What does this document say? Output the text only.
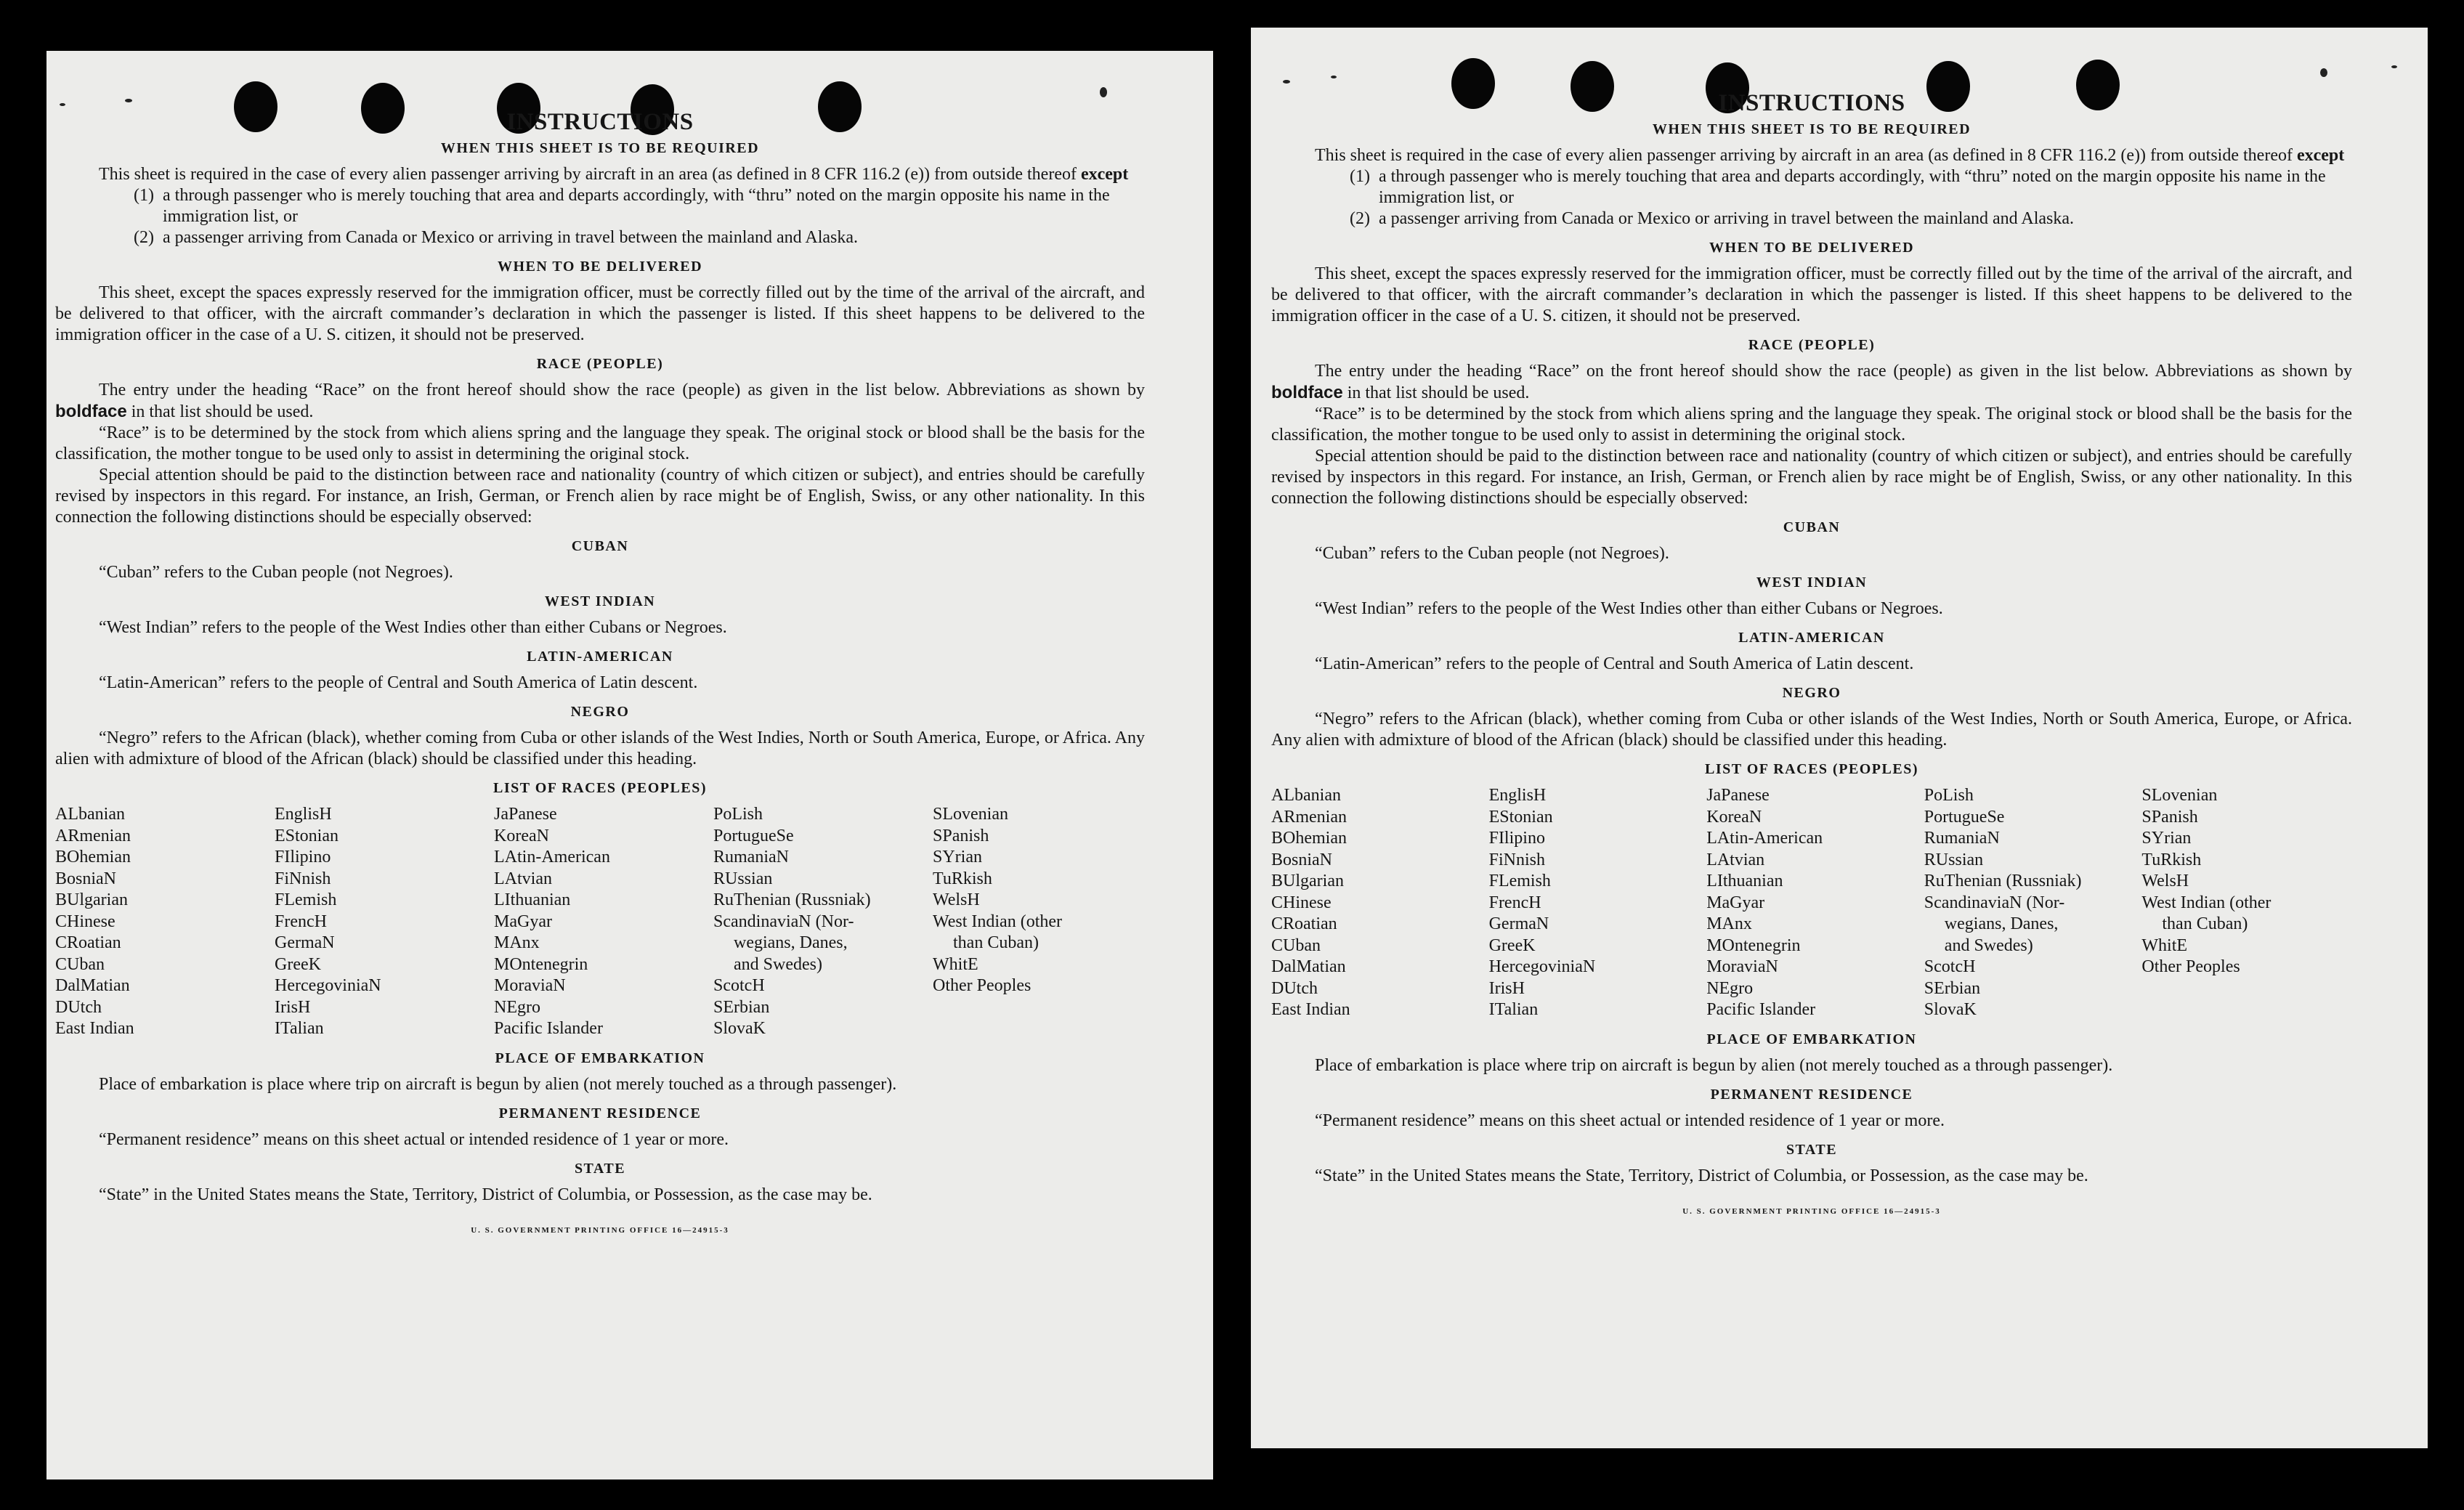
INSTRUCTIONS
WHEN THIS SHEET IS TO BE REQUIRED

This sheet is required in the case of every alien passenger arriving by aircraft in an area (as defined in 8 CFR 116.2 (e)) from outside thereof except

(1) a through passenger who is merely touching that area and departs accordingly, with “thru” noted on the margin opposite his name in the immigration list, or
(2) a passenger arriving from Canada or Mexico or arriving in travel between the mainland and Alaska.
WHEN TO BE DELIVERED

This sheet, except the spaces expressly reserved for the immigration officer, must be correctly filled out by the time of the arrival of the aircraft, and be delivered to that officer, with the aircraft commander’s declaration in which the passenger is listed. If this sheet happens to be delivered to the immigration officer in the case of a U. S. citizen, it should not be preserved.

RACE (PEOPLE)

The entry under the heading “Race” on the front hereof should show the race (people) as given in the list below. Abbreviations as shown by boldface in that list should be used.

“Race” is to be determined by the stock from which aliens spring and the language they speak. The original stock or blood shall be the basis for the classification, the mother tongue to be used only to assist in determining the original stock.

Special attention should be paid to the distinction between race and nationality (country of which citizen or subject), and entries should be carefully revised by inspectors in this regard. For instance, an Irish, German, or French alien by race might be of English, Swiss, or any other nationality. In this connection the following distinctions should be especially observed:

CUBAN

“Cuban” refers to the Cuban people (not Negroes).

WEST INDIAN

“West Indian” refers to the people of the West Indies other than either Cubans or Negroes.

LATIN-AMERICAN

“Latin-American” refers to the people of Central and South America of Latin descent.

NEGRO

“Negro” refers to the African (black), whether coming from Cuba or other islands of the West Indies, North or South America, Europe, or Africa. Any alien with admixture of blood of the African (black) should be classified under this heading.

LIST OF RACES (PEOPLES)
ALbanian
ARmenian
BOhemian
BosniaN
BUlgarian
CHinese
CRoatian
CUban
DalMatian
DUtch
East Indian
EnglisH
EStonian
FIlipino
FiNnish
FLemish
FrencH
GermaN
GreeK
HercegoviniaN
IrisH
ITalian
JaPanese
KoreaN
LAtin-American
LAtvian
LIthuanian
MaGyar
MAnx
MOntenegrin
MoraviaN
NEgro
Pacific Islander
PoLish
PortugueSe
RumaniaN
RUssian
RuThenian (Russniak)
ScandinaviaN (Nor-
wegians, Danes,
and Swedes)
ScotcH
SErbian
SlovaK
SLovenian
SPanish
SYrian
TuRkish
WelsH
West Indian (other
than Cuban)
WhitE
Other Peoples
PLACE OF EMBARKATION

Place of embarkation is place where trip on aircraft is begun by alien (not merely touched as a through passenger).

PERMANENT RESIDENCE

“Permanent residence” means on this sheet actual or intended residence of 1 year or more.

STATE

“State” in the United States means the State, Territory, District of Columbia, or Possession, as the case may be.

U. S. GOVERNMENT PRINTING OFFICE 16—24915-3
INSTRUCTIONS
WHEN THIS SHEET IS TO BE REQUIRED

This sheet is required in the case of every alien passenger arriving by aircraft in an area (as defined in 8 CFR 116.2 (e)) from outside thereof except

(1) a through passenger who is merely touching that area and departs accordingly, with “thru” noted on the margin opposite his name in the immigration list, or
(2) a passenger arriving from Canada or Mexico or arriving in travel between the mainland and Alaska.
WHEN TO BE DELIVERED

This sheet, except the spaces expressly reserved for the immigration officer, must be correctly filled out by the time of the arrival of the aircraft, and be delivered to that officer, with the aircraft commander’s declaration in which the passenger is listed. If this sheet happens to be delivered to the immigration officer in the case of a U. S. citizen, it should not be preserved.

RACE (PEOPLE)

The entry under the heading “Race” on the front hereof should show the race (people) as given in the list below. Abbreviations as shown by boldface in that list should be used.

“Race” is to be determined by the stock from which aliens spring and the language they speak. The original stock or blood shall be the basis for the classification, the mother tongue to be used only to assist in determining the original stock.

Special attention should be paid to the distinction between race and nationality (country of which citizen or subject), and entries should be carefully revised by inspectors in this regard. For instance, an Irish, German, or French alien by race might be of English, Swiss, or any other nationality. In this connection the following distinctions should be especially observed:

CUBAN

“Cuban” refers to the Cuban people (not Negroes).

WEST INDIAN

“West Indian” refers to the people of the West Indies other than either Cubans or Negroes.

LATIN-AMERICAN

“Latin-American” refers to the people of Central and South America of Latin descent.

NEGRO

“Negro” refers to the African (black), whether coming from Cuba or other islands of the West Indies, North or South America, Europe, or Africa. Any alien with admixture of blood of the African (black) should be classified under this heading.

LIST OF RACES (PEOPLES)
ALbanian
ARmenian
BOhemian
BosniaN
BUlgarian
CHinese
CRoatian
CUban
DalMatian
DUtch
East Indian
EnglisH
EStonian
FIlipino
FiNnish
FLemish
FrencH
GermaN
GreeK
HercegoviniaN
IrisH
ITalian
JaPanese
KoreaN
LAtin-American
LAtvian
LIthuanian
MaGyar
MAnx
MOntenegrin
MoraviaN
NEgro
Pacific Islander
PoLish
PortugueSe
RumaniaN
RUssian
RuThenian (Russniak)
ScandinaviaN (Nor-
wegians, Danes,
and Swedes)
ScotcH
SErbian
SlovaK
SLovenian
SPanish
SYrian
TuRkish
WelsH
West Indian (other
than Cuban)
WhitE
Other Peoples
PLACE OF EMBARKATION

Place of embarkation is place where trip on aircraft is begun by alien (not merely touched as a through passenger).

PERMANENT RESIDENCE

“Permanent residence” means on this sheet actual or intended residence of 1 year or more.

STATE

“State” in the United States means the State, Territory, District of Columbia, or Possession, as the case may be.

U. S. GOVERNMENT PRINTING OFFICE 16—24915-3
